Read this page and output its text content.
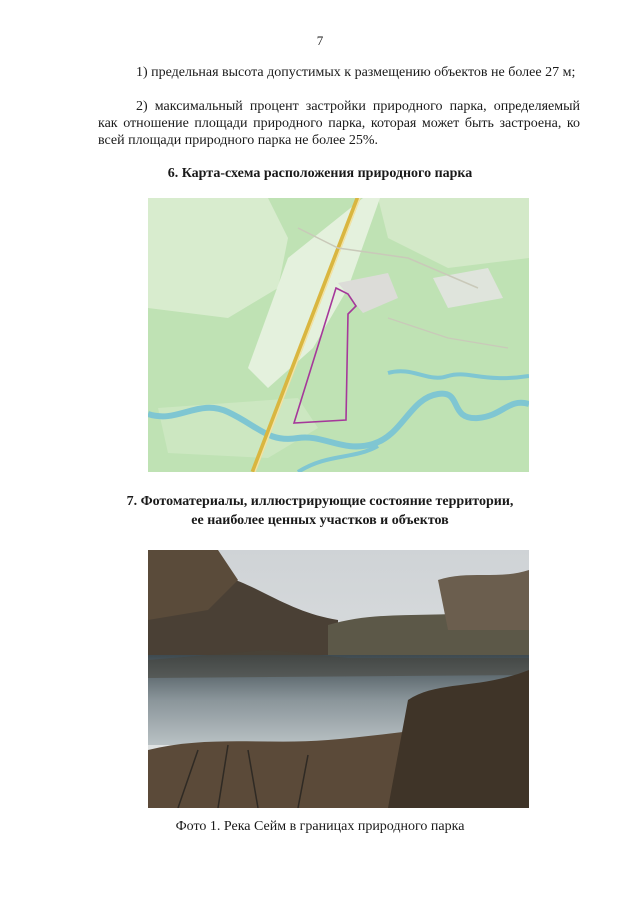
7
1) предельная высота допустимых к размещению объектов не более 27 м;
2) максимальный процент застройки природного парка, определяемый как отношение площади природного парка, которая может быть застроена, ко всей площади природного парка не более 25%.
6. Карта-схема расположения природного парка
7. Фотоматериалы, иллюстрирующие состояние территории,
ее наиболее ценных участков и объектов
Фото 1. Река Сейм в границах природного парка
